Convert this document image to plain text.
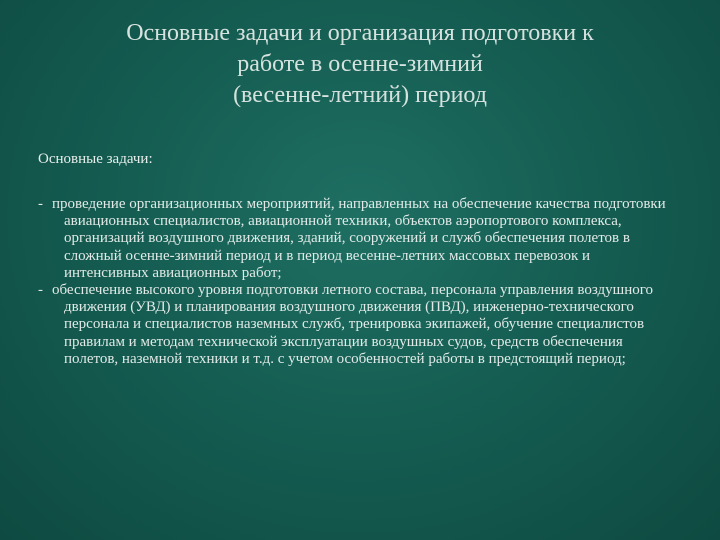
Основные задачи и организация подготовки к
работе в осенне-зимний
(весенне-летний) период
Основные задачи:
- проведение организационных мероприятий, направленных на обеспечение качества подготовки авиационных специалистов, авиационной техники, объектов аэропортового комплекса, организаций воздушного движения, зданий, сооружений и служб обеспечения полетов в сложный осенне-зимний период и в период весенне-летних массовых перевозок и интенсивных авиационных работ;
- обеспечение высокого уровня подготовки летного состава, персонала управления воздушного движения (УВД) и планирования воздушного движения (ПВД), инженерно-технического персонала и специалистов наземных служб, тренировка экипажей, обучение специалистов правилам и методам технической эксплуатации воздушных судов, средств обеспечения полетов, наземной техники и т.д. с учетом особенностей работы в предстоящий период;
